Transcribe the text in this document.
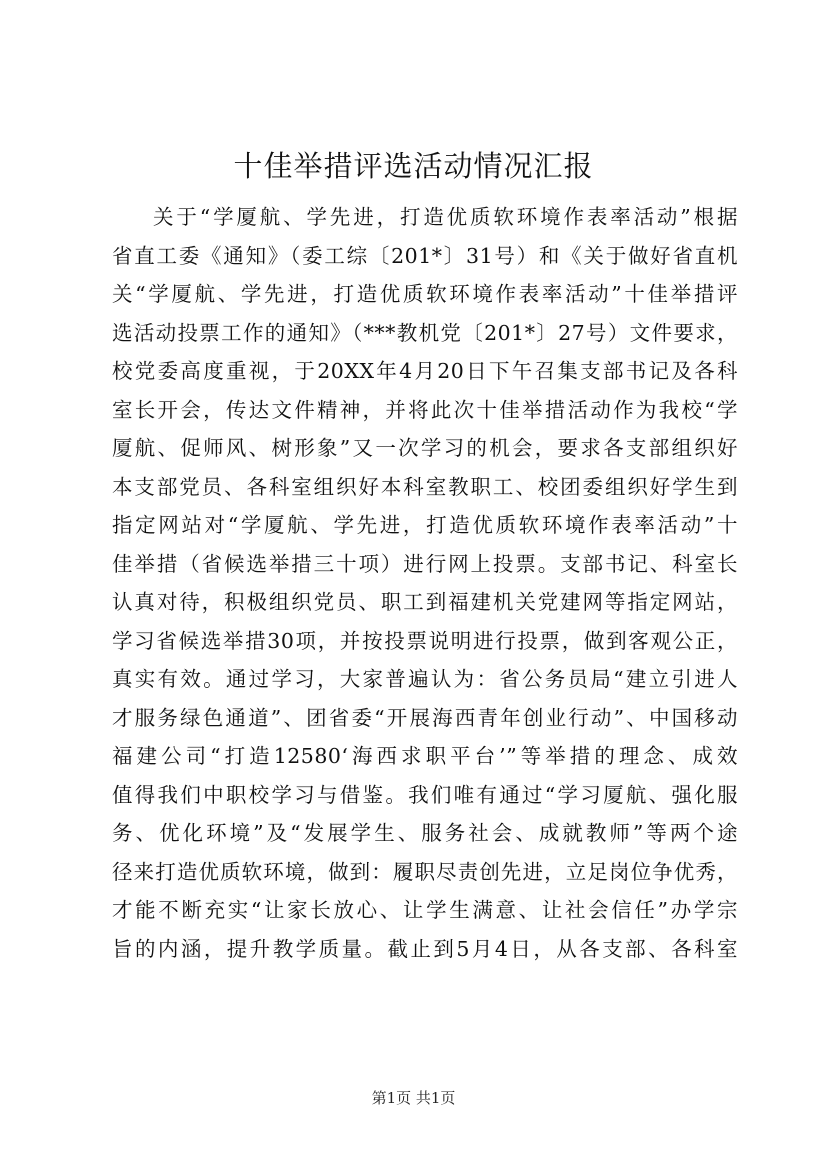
十佳举措评选活动情况汇报
关于“学厦航、学先进，打造优质软环境作表率活动”根据
省直工委《通知》（委工综〔201*〕31号）和《关于做好省直机
关“学厦航、学先进，打造优质软环境作表率活动”十佳举措评
选活动投票工作的通知》（***教机党〔201*〕27号）文件要求，
校党委高度重视，于20XX年4月20日下午召集支部书记及各科
室长开会，传达文件精神，并将此次十佳举措活动作为我校“学
厦航、促师风、树形象”又一次学习的机会，要求各支部组织好
本支部党员、各科室组织好本科室教职工、校团委组织好学生到
指定网站对“学厦航、学先进，打造优质软环境作表率活动”十
佳举措（省候选举措三十项）进行网上投票。支部书记、科室长
认真对待，积极组织党员、职工到福建机关党建网等指定网站，
学习省候选举措30项，并按投票说明进行投票，做到客观公正，
真实有效。通过学习，大家普遍认为：省公务员局“建立引进人
才服务绿色通道”、团省委“开展海西青年创业行动”、中国移动
福建公司“打造12580‘海西求职平台’”等举措的理念、成效
值得我们中职校学习与借鉴。我们唯有通过“学习厦航、强化服
务、优化环境”及“发展学生、服务社会、成就教师”等两个途
径来打造优质软环境，做到：履职尽责创先进，立足岗位争优秀，
才能不断充实“让家长放心、让学生满意、让社会信任”办学宗
旨的内涵，提升教学质量。截止到5月4日，从各支部、各科室
第1页 共1页
